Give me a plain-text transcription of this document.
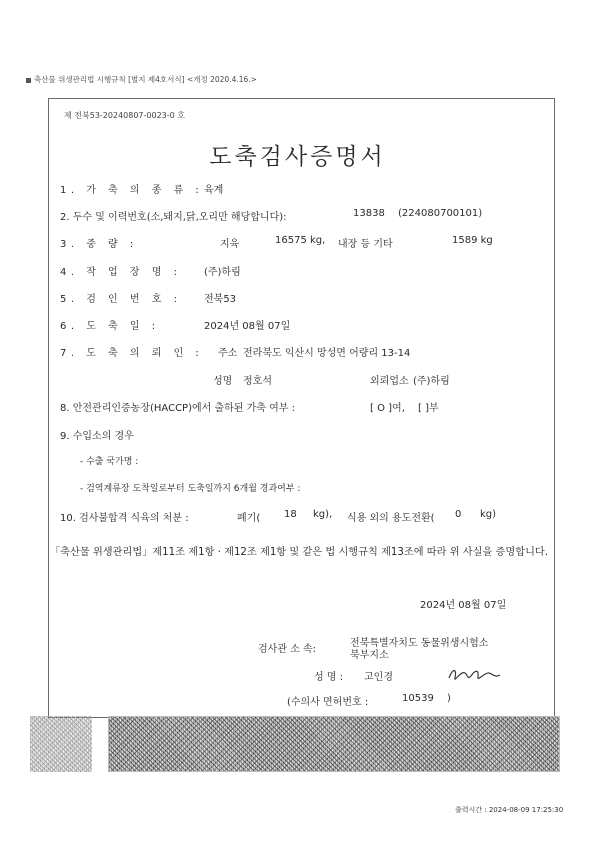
축산물 위생관리법 시행규칙 [별지 제4호서식] <개정 2020.4.16.>
제 전북53-20240807-0023-0 호
도축검사증명서
1. 가 축 의 종 류 : 육계
2. 두수 및 이력번호(소,돼지,닭,오리만 해당합니다):	13838 (224080700101)
3. 중 량 :	지육	16575 kg, 내장 등 기타	1589 kg
4. 작 업 장 명 : (주)하림
5. 검 인 번 호 : 전북53
6. 도 축 일 :	2024년 08월 07일
7. 도 축 의 뢰 인 : 주소 전라북도 익산시 망성면 어량리 13-14
성명 정호석	외뢰업소 (주)하림
8. 안전관리인증농장(HACCP)에서 출하된 가축 여부 :	[ O ]여, [ ]부
9. 수입소의 경우
- 수출 국가명 :
- 검역계류장 도착일로부터 도축일까지 6개월 경과여부 :
10. 검사불합격 식육의 처분 :	폐기( 18 kg), 식용 외의 용도전환( 0 kg)
「축산물 위생관리법」제11조 제1항 · 제12조 제1항 및 같은 법 시행규칙 제13조에 따라 위 사실을 증명합니다.
2024년 08월 07일
검사관 소 속:
전북특별자치도 동물위생시험소
북부지소
성 명 : 고인경
(수의사 면허번호 :	10539 )
출력시간 : 2024-08-09 17:25:30
